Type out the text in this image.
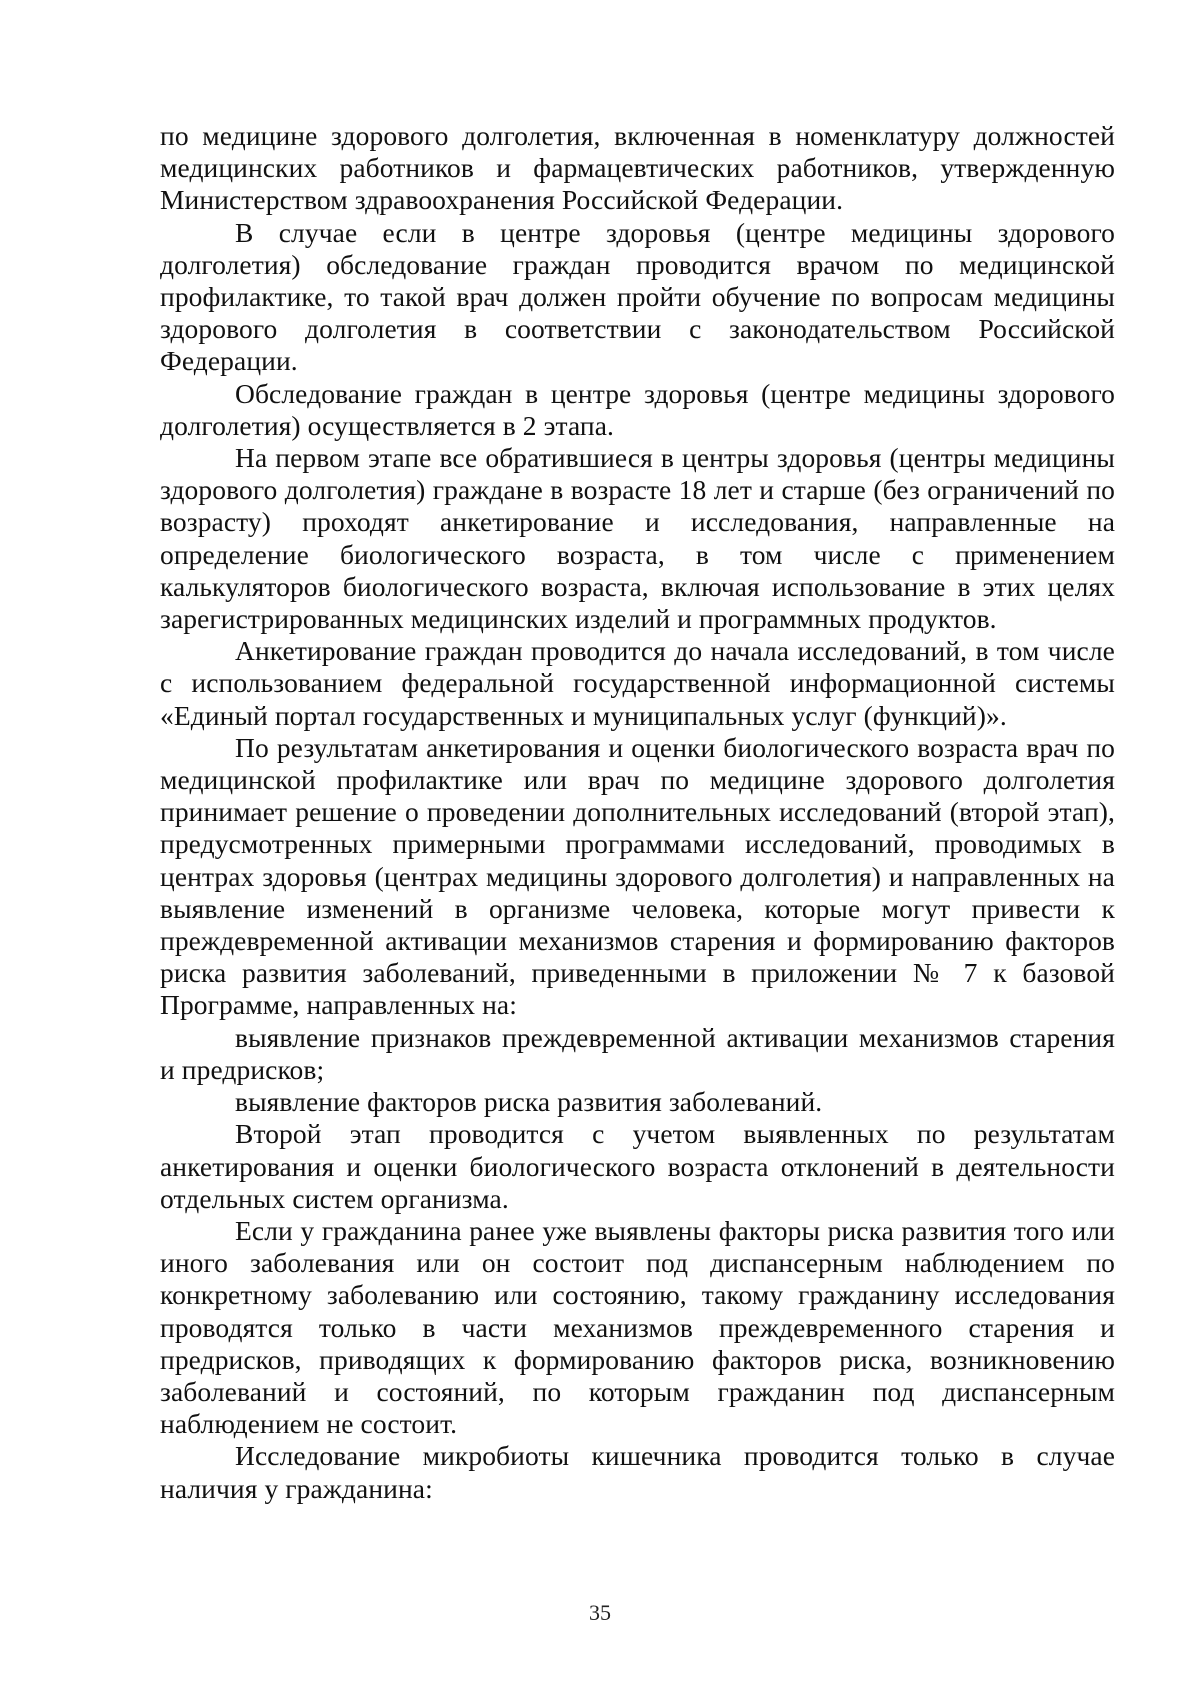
по медицине здорового долголетия, включенная в номенклатуру должностей медицинских работников и фармацевтических работников, утвержденную Министерством здравоохранения Российской Федерации.

В случае если в центре здоровья (центре медицины здорового долголетия) обследование граждан проводится врачом по медицинской профилактике, то такой врач должен пройти обучение по вопросам медицины здорового долголетия в соответствии с законодательством Российской Федерации.

Обследование граждан в центре здоровья (центре медицины здорового долголетия) осуществляется в 2 этапа.

На первом этапе все обратившиеся в центры здоровья (центры медицины здорового долголетия) граждане в возрасте 18 лет и старше (без ограничений по возрасту) проходят анкетирование и исследования, направленные на определение биологического возраста, в том числе с применением калькуляторов биологического возраста, включая использование в этих целях зарегистрированных медицинских изделий и программных продуктов.

Анкетирование граждан проводится до начала исследований, в том числе с использованием федеральной государственной информационной системы «Единый портал государственных и муниципальных услуг (функций)».

По результатам анкетирования и оценки биологического возраста врач по медицинской профилактике или врач по медицине здорового долголетия принимает решение о проведении дополнительных исследований (второй этап), предусмотренных примерными программами исследований, проводимых в центрах здоровья (центрах медицины здорового долголетия) и направленных на выявление изменений в организме человека, которые могут привести к преждевременной активации механизмов старения и формированию факторов риска развития заболеваний, приведенными в приложении № 7 к базовой Программе, направленных на:

выявление признаков преждевременной активации механизмов старения и предрисков;

выявление факторов риска развития заболеваний.

Второй этап проводится с учетом выявленных по результатам анкетирования и оценки биологического возраста отклонений в деятельности отдельных систем организма.

Если у гражданина ранее уже выявлены факторы риска развития того или иного заболевания или он состоит под диспансерным наблюдением по конкретному заболеванию или состоянию, такому гражданину исследования проводятся только в части механизмов преждевременного старения и предрисков, приводящих к формированию факторов риска, возникновению заболеваний и состояний, по которым гражданин под диспансерным наблюдением не состоит.

Исследование микробиоты кишечника проводится только в случае наличия у гражданина:

35
